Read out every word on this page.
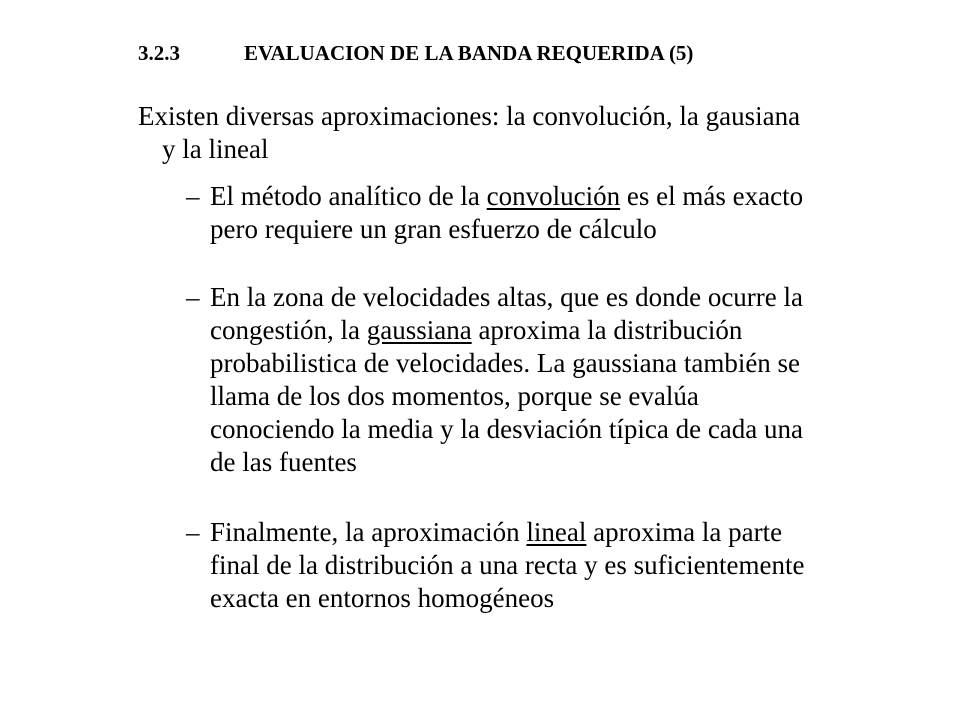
3.2.3	EVALUACION DE LA BANDA REQUERIDA (5)
Existen diversas aproximaciones: la convolución, la gausiana
y la lineal
– El método analítico de la convolución es el más exacto
pero requiere un gran esfuerzo de cálculo
– En la zona de velocidades altas, que es donde ocurre la
congestión, la gaussiana aproxima la distribución
probabilistica de velocidades. La gaussiana también se
llama de los dos momentos, porque se evalúa
conociendo la media y la desviación típica de cada una
de las fuentes
– Finalmente, la aproximación lineal aproxima la parte
final de la distribución a una recta y es suficientemente
exacta en entornos homogéneos
